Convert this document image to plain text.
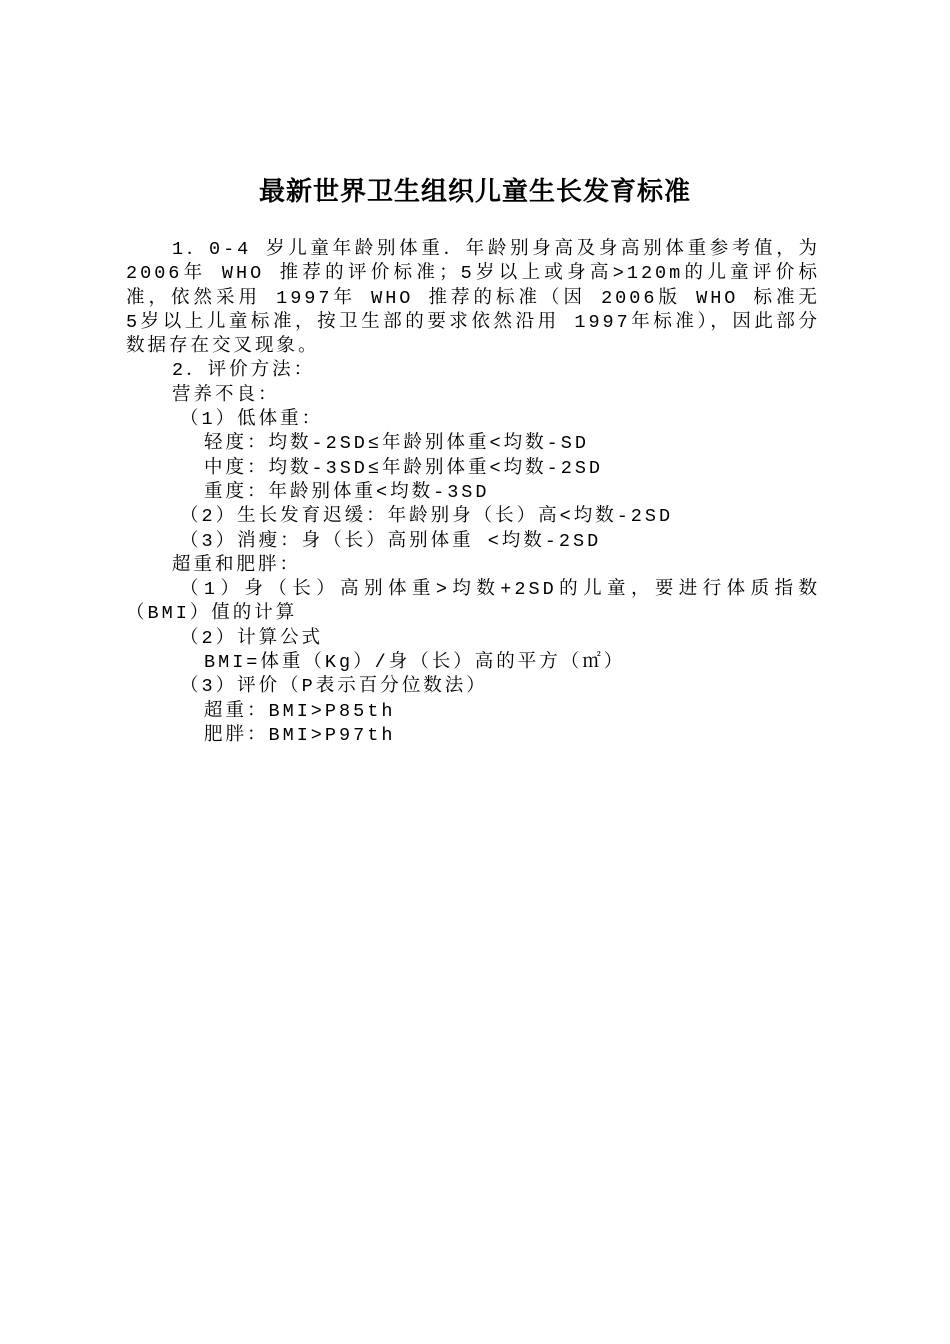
最新世界卫生组织儿童生长发育标准

1．0-4 岁儿童年龄别体重．年龄别身高及身高别体重参考值，为 2006年 WHO 推荐的评价标准；5岁以上或身高>120m的儿童评价标准，依然采用 1997年 WHO 推荐的标准（因 2006版 WHO 标准无 5岁以上儿童标准，按卫生部的要求依然沿用 1997年标准），因此部分数据存在交叉现象。

2．评价方法：

营养不良：

（1）低体重：

轻度：均数-2SD≤年龄别体重<均数-SD

中度：均数-3SD≤年龄别体重<均数-2SD

重度：年龄别体重<均数-3SD

（2）生长发育迟缓：年龄别身（长）高<均数-2SD

（3）消瘦：身（长）高别体重 <均数-2SD

超重和肥胖：

（1）身（长）高别体重>均数+2SD的儿童，要进行体质指数（BMI）值的计算

（2）计算公式

BMI=体重（Kg）/身（长）高的平方（㎡）

（3）评价（P表示百分位数法）

超重：BMI>P85th

肥胖：BMI>P97th
